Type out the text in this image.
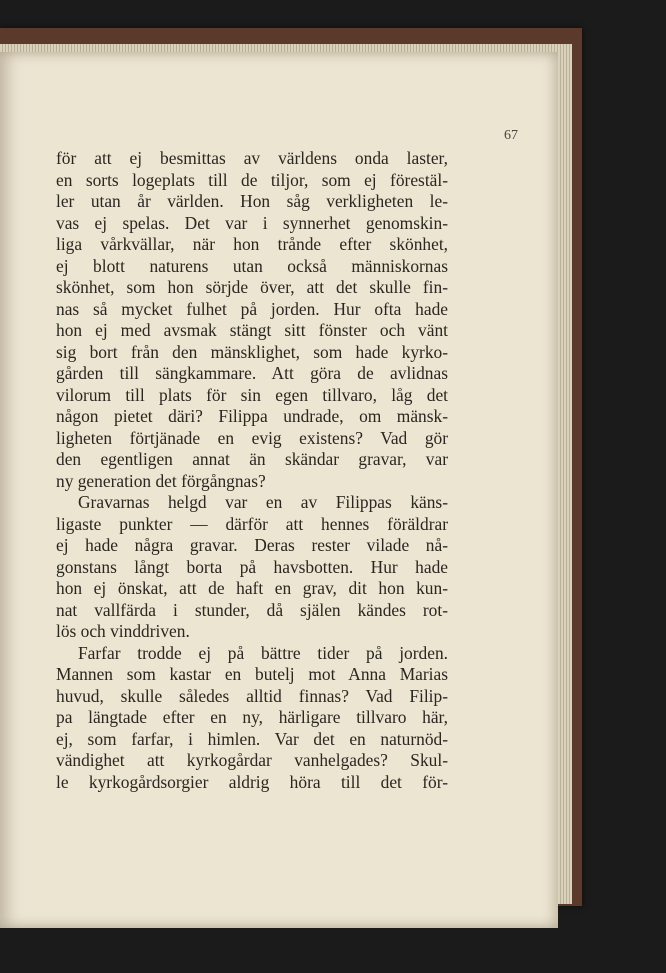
67
för att ej besmittas av världens onda laster,
en sorts logeplats till de tiljor, som ej förestäl-
ler utan år världen. Hon såg verkligheten le-
vas ej spelas. Det var i synnerhet genomskin-
liga vårkvällar, när hon trånde efter skönhet,
ej blott naturens utan också människornas
skönhet, som hon sörjde över, att det skulle fin-
nas så mycket fulhet på jorden. Hur ofta hade
hon ej med avsmak stängt sitt fönster och vänt
sig bort från den mänsklighet, som hade kyrko-
gården till sängkammare. Att göra de avlidnas
vilorum till plats för sin egen tillvaro, låg det
någon pietet däri? Filippa undrade, om mänsk-
ligheten förtjänade en evig existens? Vad gör
den egentligen annat än skändar gravar, var
ny generation det förgångnas?
Gravarnas helgd var en av Filippas käns-
ligaste punkter — därför att hennes föräldrar
ej hade några gravar. Deras rester vilade nå-
gonstans långt borta på havsbotten. Hur hade
hon ej önskat, att de haft en grav, dit hon kun-
nat vallfärda i stunder, då själen kändes rot-
lös och vinddriven.
Farfar trodde ej på bättre tider på jorden.
Mannen som kastar en butelj mot Anna Marias
huvud, skulle således alltid finnas? Vad Filip-
pa längtade efter en ny, härligare tillvaro här,
ej, som farfar, i himlen. Var det en naturnöd-
vändighet att kyrkogårdar vanhelgades? Skul-
le kyrkogårdsorgier aldrig höra till det för-
